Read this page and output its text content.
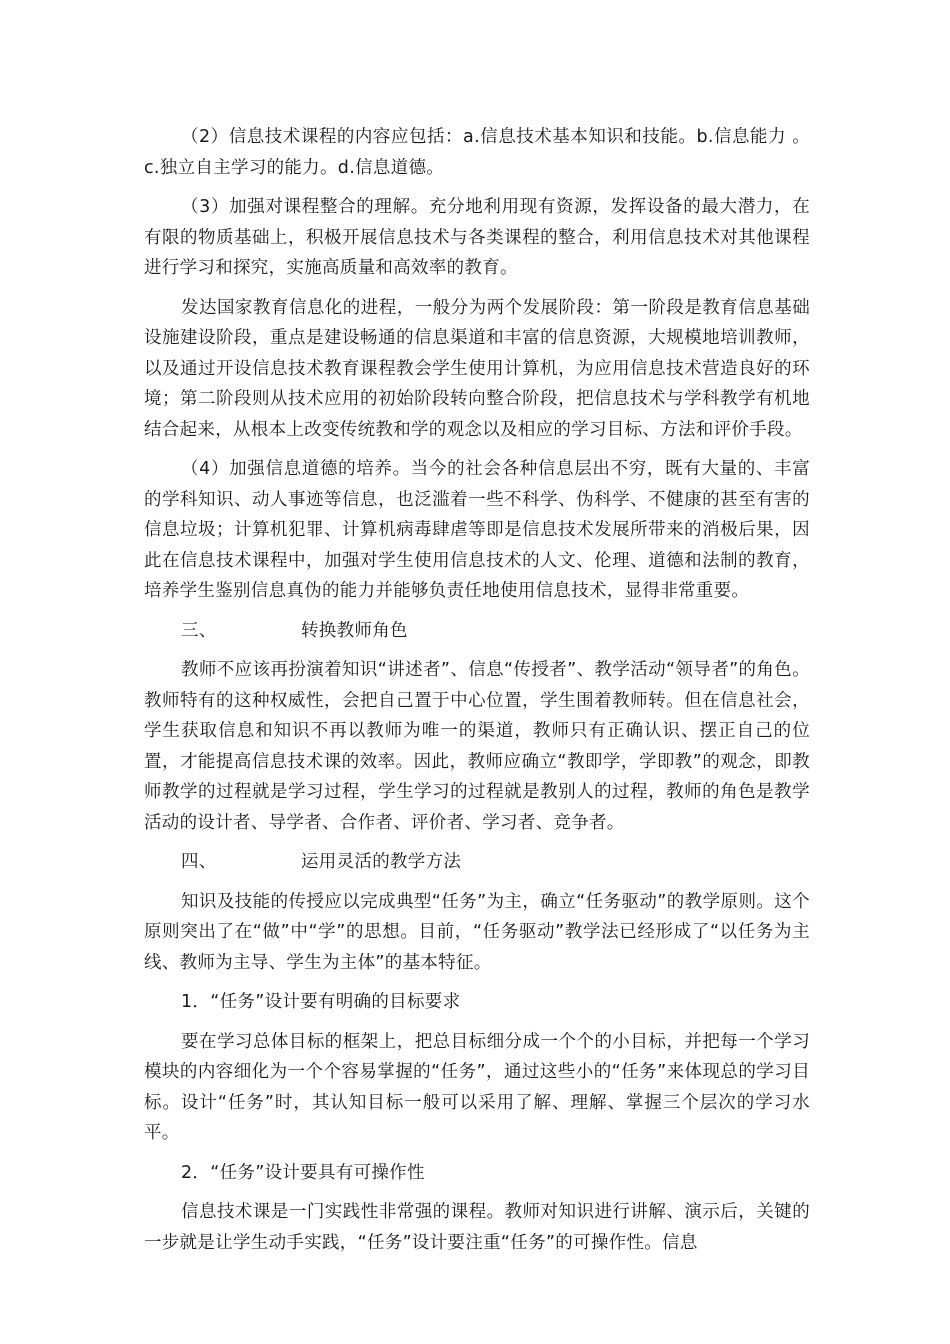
（2）信息技术课程的内容应包括：a.信息技术基本知识和技能。b.信息能力 。c.独立自主学习的能力。d.信息道德。

（3）加强对课程整合的理解。充分地利用现有资源，发挥设备的最大潜力，在有限的物质基础上，积极开展信息技术与各类课程的整合，利用信息技术对其他课程进行学习和探究，实施高质量和高效率的教育。

发达国家教育信息化的进程，一般分为两个发展阶段：第一阶段是教育信息基础设施建设阶段，重点是建设畅通的信息渠道和丰富的信息资源，大规模地培训教师，以及通过开设信息技术教育课程教会学生使用计算机，为应用信息技术营造良好的环境；第二阶段则从技术应用的初始阶段转向整合阶段，把信息技术与学科教学有机地结合起来，从根本上改变传统教和学的观念以及相应的学习目标、方法和评价手段。

（4）加强信息道德的培养。当今的社会各种信息层出不穷，既有大量的、丰富的学科知识、动人事迹等信息，也泛滥着一些不科学、伪科学、不健康的甚至有害的信息垃圾；计算机犯罪、计算机病毒肆虐等即是信息技术发展所带来的消极后果，因此在信息技术课程中，加强对学生使用信息技术的人文、伦理、道德和法制的教育，培养学生鉴别信息真伪的能力并能够负责任地使用信息技术，显得非常重要。

三、	转换教师角色

教师不应该再扮演着知识“讲述者”、信息“传授者”、教学活动“领导者”的角色。教师特有的这种权威性，会把自己置于中心位置，学生围着教师转。但在信息社会，学生获取信息和知识不再以教师为唯一的渠道，教师只有正确认识、摆正自己的位置，才能提高信息技术课的效率。因此，教师应确立“教即学，学即教”的观念，即教师教学的过程就是学习过程，学生学习的过程就是教别人的过程，教师的角色是教学活动的设计者、导学者、合作者、评价者、学习者、竞争者。

四、	运用灵活的教学方法

知识及技能的传授应以完成典型“任务”为主，确立“任务驱动”的教学原则。这个原则突出了在“做”中“学”的思想。目前，“任务驱动”教学法已经形成了“以任务为主线、教师为主导、学生为主体”的基本特征。

1．“任务”设计要有明确的目标要求

要在学习总体目标的框架上，把总目标细分成一个个的小目标，并把每一个学习模块的内容细化为一个个容易掌握的“任务”，通过这些小的“任务”来体现总的学习目标。设计“任务”时，其认知目标一般可以采用了解、理解、掌握三个层次的学习水平。

2．“任务”设计要具有可操作性

信息技术课是一门实践性非常强的课程。教师对知识进行讲解、演示后，关键的一步就是让学生动手实践，“任务”设计要注重“任务”的可操作性。信息
